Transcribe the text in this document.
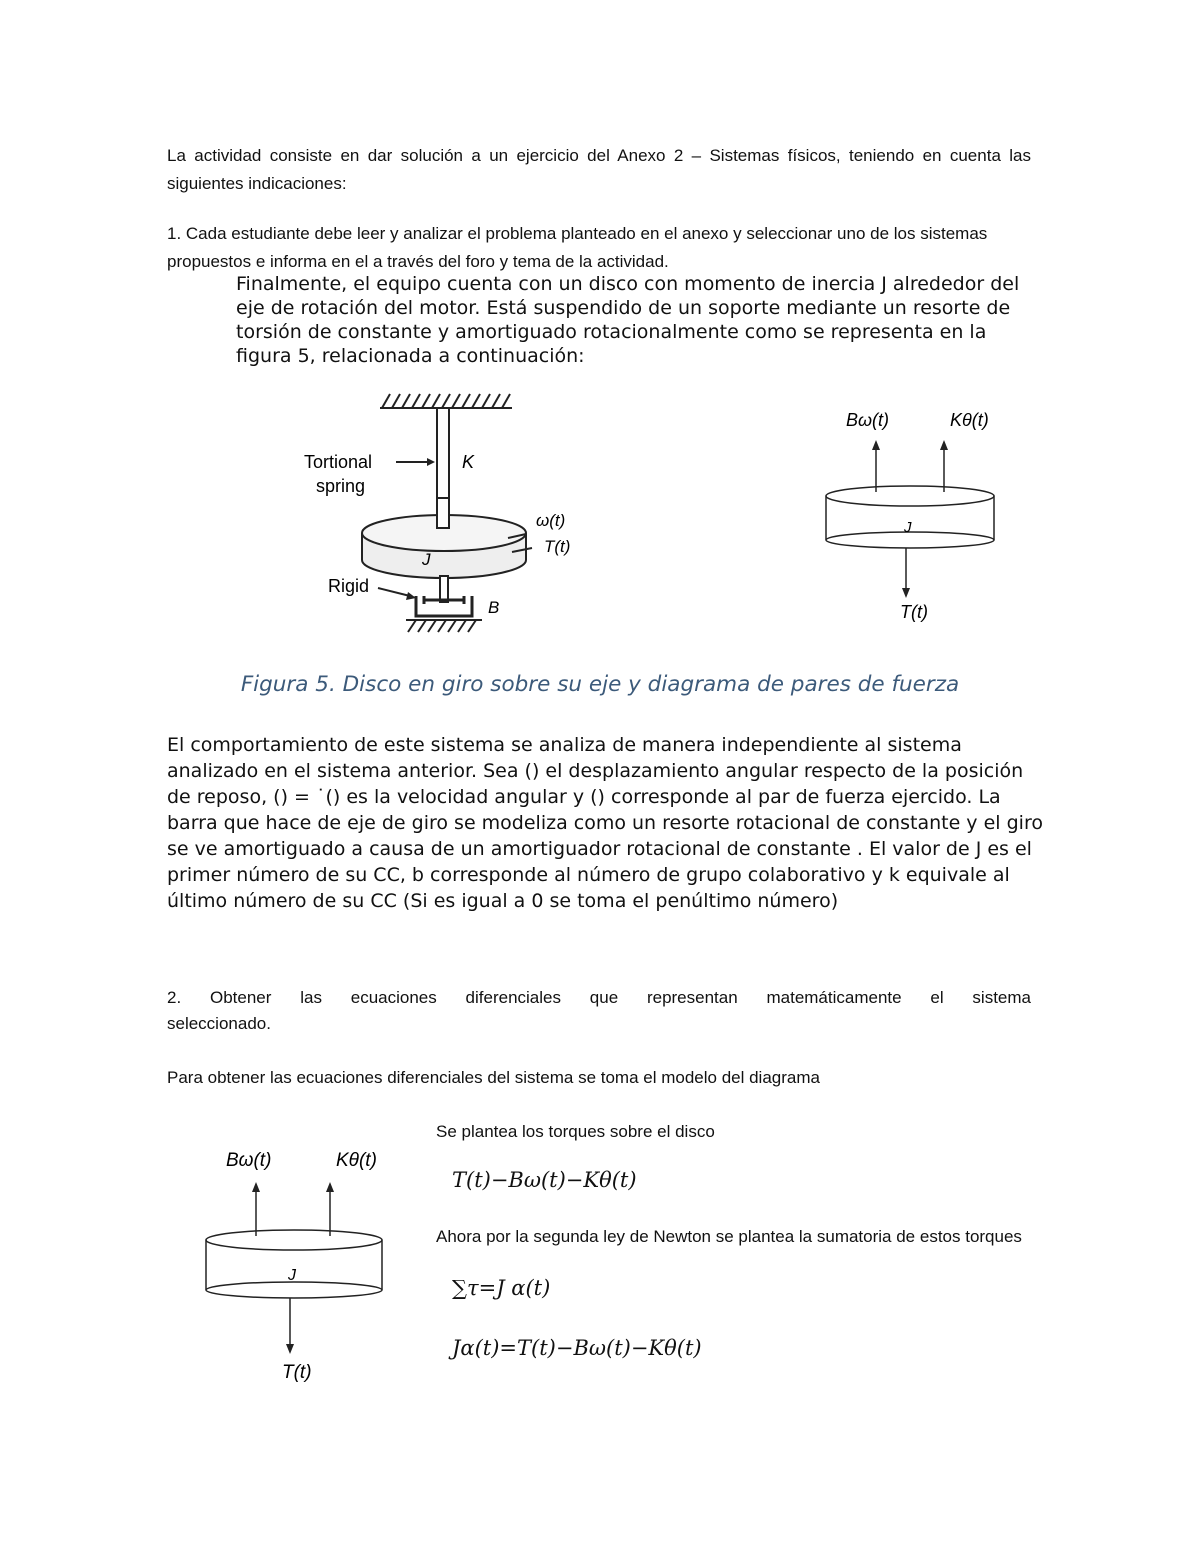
La actividad consiste en dar solución a un ejercicio del Anexo 2 – Sistemas físicos, teniendo en cuenta las siguientes indicaciones:

1. Cada estudiante debe leer y analizar el problema planteado en el anexo y seleccionar uno de los sistemas propuestos e informa en el a través del foro y tema de la actividad.

Finalmente, el equipo cuenta con un disco con momento de inercia J alrededor del eje de rotación del motor. Está suspendido de un soporte mediante un resorte de torsión de constante y amortiguado rotacionalmente como se representa en la figura 5, relacionada a continuación:

Tortional
spring
K
ω(t)
T(t)
J
Rigid
B
Bω(t)	Kθ(t)
J
T(t)
Figura 5. Disco en giro sobre su eje y diagrama de pares de fuerza

El comportamiento de este sistema se analiza de manera independiente al sistema analizado en el sistema anterior. Sea () el desplazamiento angular respecto de la posición de reposo, () = ˙() es la velocidad angular y () corresponde al par de fuerza ejercido. La barra que hace de eje de giro se modeliza como un resorte rotacional de constante y el giro se ve amortiguado a causa de un amortiguador rotacional de constante . El valor de J es el primer número de su CC, b corresponde al número de grupo colaborativo y k equivale al último número de su CC (Si es igual a 0 se toma el penúltimo número)

2. Obtener las ecuaciones diferenciales que representan matemáticamente el sistema
seleccionado.
Para obtener las ecuaciones diferenciales del sistema se toma el modelo del diagrama
Bω(t)	Kθ(t)
J
T(t)
Se plantea los torques sobre el disco
T(t)−Bω(t)−Kθ(t)

Ahora por la segunda ley de Newton se plantea la sumatoria de estos torques

∑τ=J α(t)
Jα(t)=T(t)−Bω(t)−Kθ(t)
